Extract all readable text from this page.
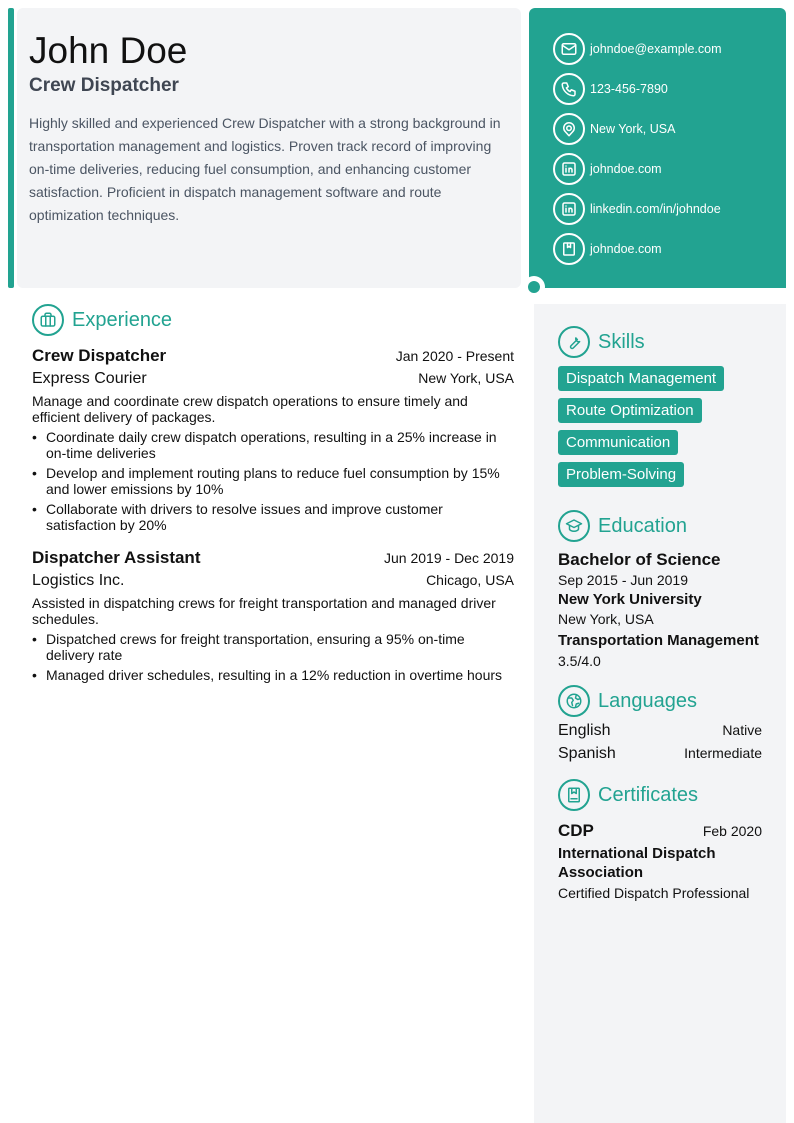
John Doe
Crew Dispatcher

Highly skilled and experienced Crew Dispatcher with a strong background in transportation management and logistics. Proven track record of improving on-time deliveries, reducing fuel consumption, and enhancing customer satisfaction. Proficient in dispatch management software and route optimization techniques.

johndoe@example.com
123-456-7890
New York, USA
johndoe.com
linkedin.com/in/johndoe
johndoe.com
Experience
Crew Dispatcher	Jan 2020 - Present
Express Courier	New York, USA

Manage and coordinate crew dispatch operations to ensure timely and efficient delivery of packages.

• Coordinate daily crew dispatch operations, resulting in a 25% increase in on-time deliveries
• Develop and implement routing plans to reduce fuel consumption by 15% and lower emissions by 10%
• Collaborate with drivers to resolve issues and improve customer satisfaction by 20%
Dispatcher Assistant	Jun 2019 - Dec 2019
Logistics Inc.	Chicago, USA

Assisted in dispatching crews for freight transportation and managed driver schedules.

• Dispatched crews for freight transportation, ensuring a 95% on-time delivery rate
• Managed driver schedules, resulting in a 12% reduction in overtime hours
Skills
Dispatch Management
Route Optimization
Communication
Problem-Solving
Education
Bachelor of Science
Sep 2015 - Jun 2019
New York University
New York, USA
Transportation Management
3.5/4.0
Languages
English	Native
Spanish	Intermediate
Certificates
CDP	Feb 2020
International Dispatch Association
Certified Dispatch Professional
